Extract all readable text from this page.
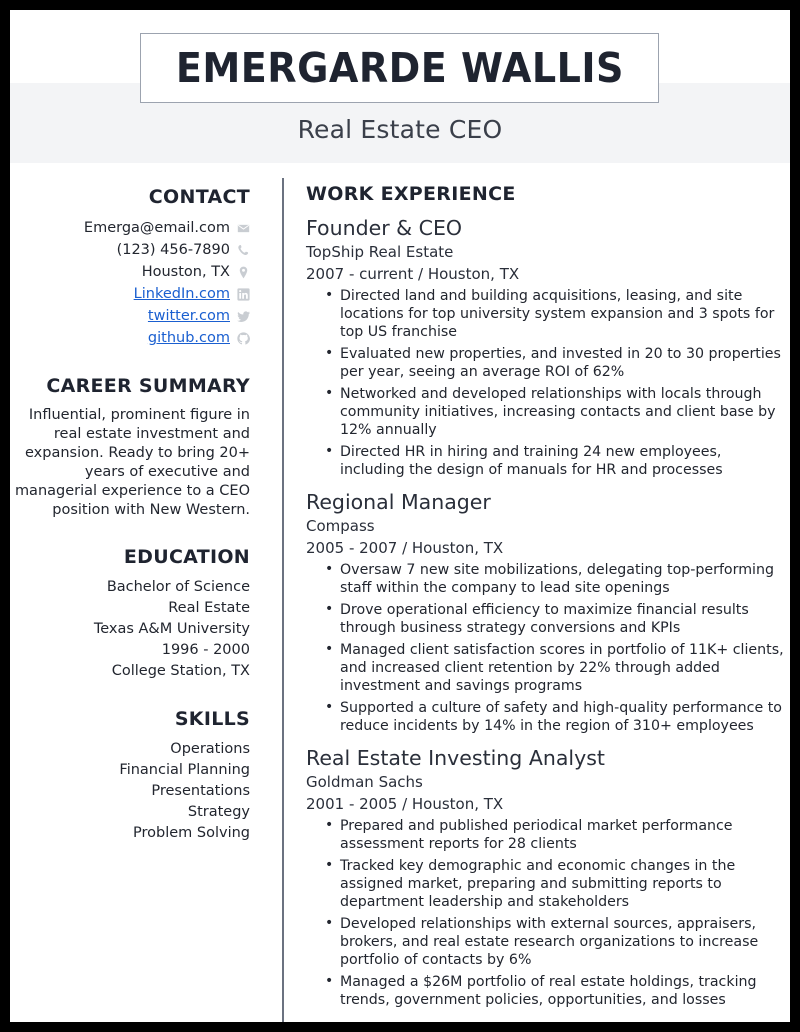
EMERGARDE WALLIS
Real Estate CEO
CONTACT
Emerga@email.com
(123) 456-7890
Houston, TX
LinkedIn.com
twitter.com
github.com
CAREER SUMMARY

Influential, prominent figure in real estate investment and expansion. Ready to bring 20+ years of executive and managerial experience to a CEO position with New Western.

EDUCATION
Bachelor of Science
Real Estate
Texas A&M University
1996 - 2000
College Station, TX
SKILLS
Operations
Financial Planning
Presentations
Strategy
Problem Solving
WORK EXPERIENCE

Founder & CEO

TopShip Real Estate

2007 - current / Houston, TX

• Directed land and building acquisitions, leasing, and site locations for top university system expansion and 3 spots for top US franchise
• Evaluated new properties, and invested in 20 to 30 properties per year, seeing an average ROI of 62%
• Networked and developed relationships with locals through community initiatives, increasing contacts and client base by 12% annually
• Directed HR in hiring and training 24 new employees, including the design of manuals for HR and processes

Regional Manager

Compass

2005 - 2007 / Houston, TX

• Oversaw 7 new site mobilizations, delegating top-performing staff within the company to lead site openings
• Drove operational efficiency to maximize financial results through business strategy conversions and KPIs
• Managed client satisfaction scores in portfolio of 11K+ clients, and increased client retention by 22% through added investment and savings programs
• Supported a culture of safety and high-quality performance to reduce incidents by 14% in the region of 310+ employees

Real Estate Investing Analyst

Goldman Sachs

2001 - 2005 / Houston, TX

• Prepared and published periodical market performance assessment reports for 28 clients
• Tracked key demographic and economic changes in the assigned market, preparing and submitting reports to department leadership and stakeholders
• Developed relationships with external sources, appraisers, brokers, and real estate research organizations to increase portfolio of contacts by 6%
• Managed a $26M portfolio of real estate holdings, tracking trends, government policies, opportunities, and losses
